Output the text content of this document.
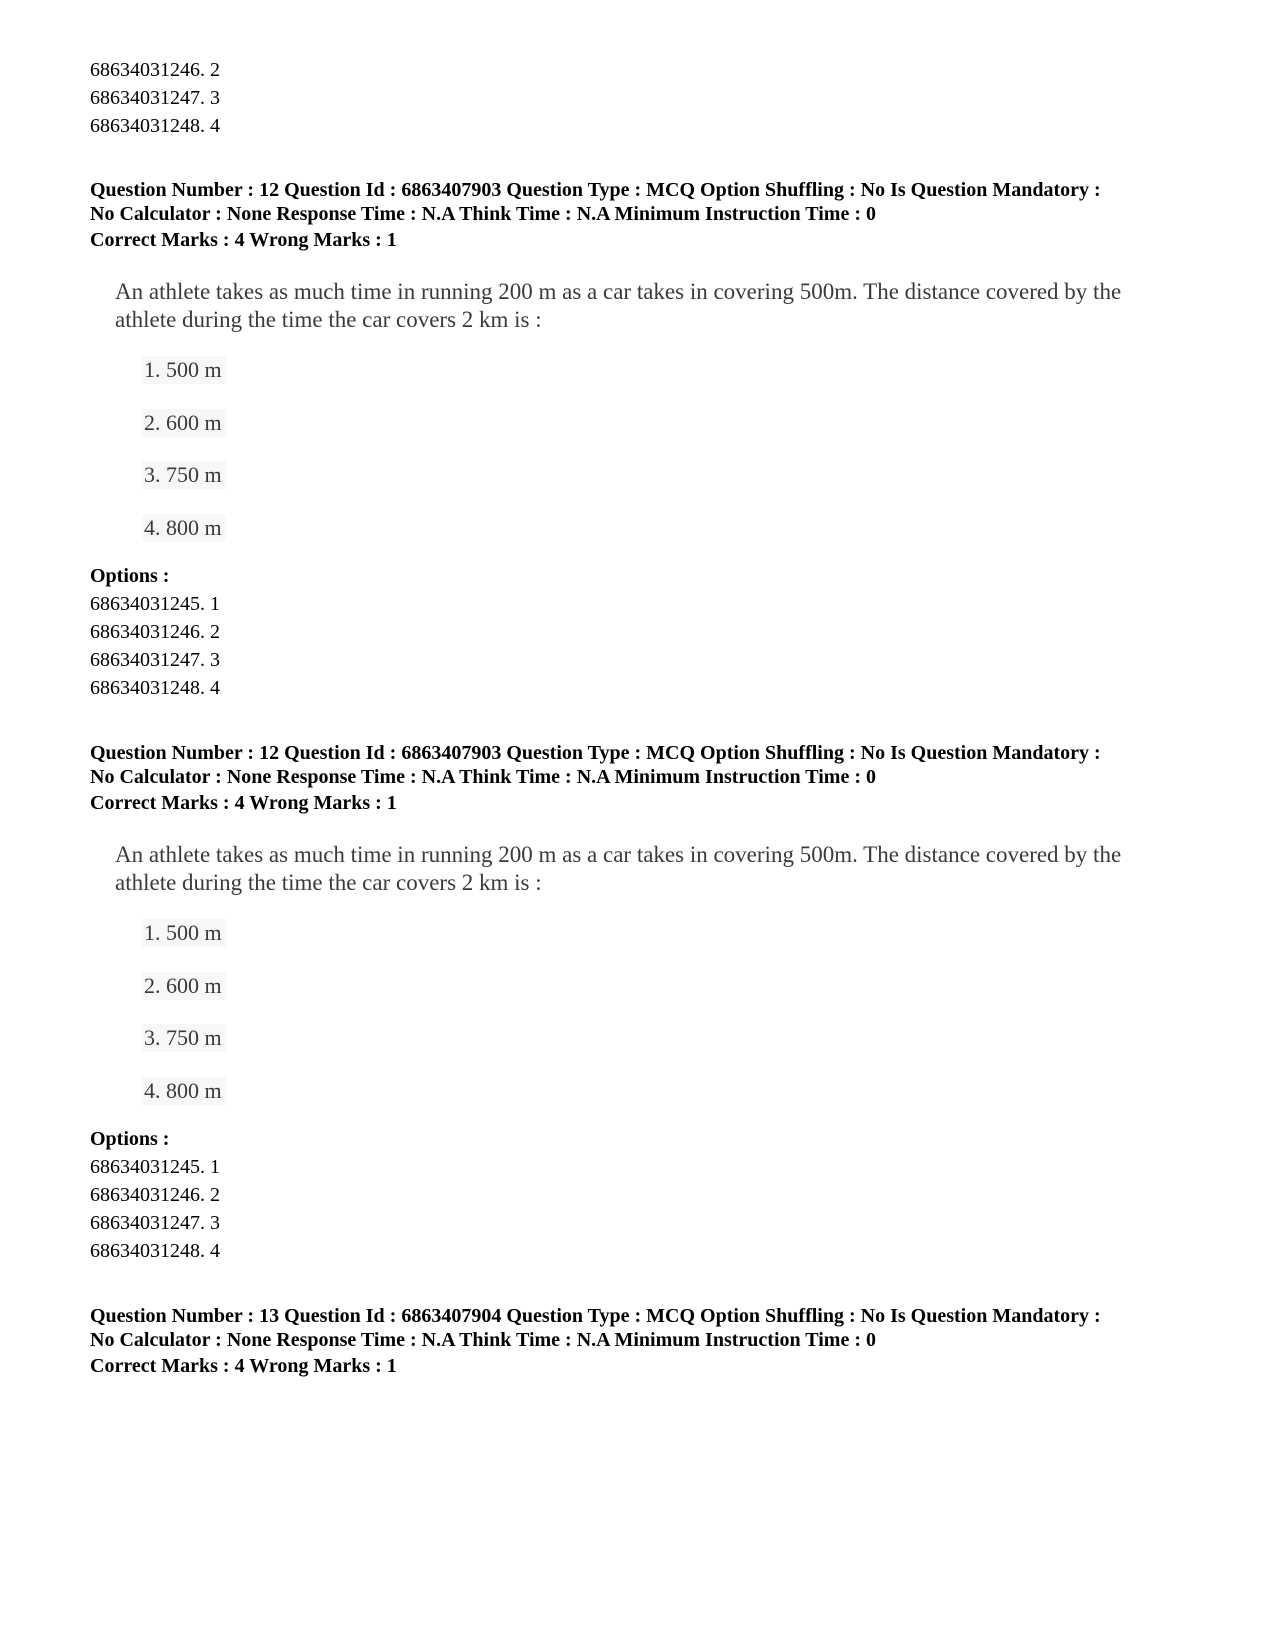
68634031246. 2
68634031247. 3
68634031248. 4
Question Number : 12 Question Id : 6863407903 Question Type : MCQ Option Shuffling : No Is Question Mandatory :
No Calculator : None Response Time : N.A Think Time : N.A Minimum Instruction Time : 0
Correct Marks : 4 Wrong Marks : 1
An athlete takes as much time in running 200 m as a car takes in covering 500m. The distance covered by the athlete during the time the car covers 2 km is :
1. 500 m
2. 600 m
3. 750 m
4. 800 m
Options :
68634031245. 1
68634031246. 2
68634031247. 3
68634031248. 4
Question Number : 12 Question Id : 6863407903 Question Type : MCQ Option Shuffling : No Is Question Mandatory :
No Calculator : None Response Time : N.A Think Time : N.A Minimum Instruction Time : 0
Correct Marks : 4 Wrong Marks : 1
An athlete takes as much time in running 200 m as a car takes in covering 500m. The distance covered by the athlete during the time the car covers 2 km is :
1. 500 m
2. 600 m
3. 750 m
4. 800 m
Options :
68634031245. 1
68634031246. 2
68634031247. 3
68634031248. 4
Question Number : 13 Question Id : 6863407904 Question Type : MCQ Option Shuffling : No Is Question Mandatory :
No Calculator : None Response Time : N.A Think Time : N.A Minimum Instruction Time : 0
Correct Marks : 4 Wrong Marks : 1
